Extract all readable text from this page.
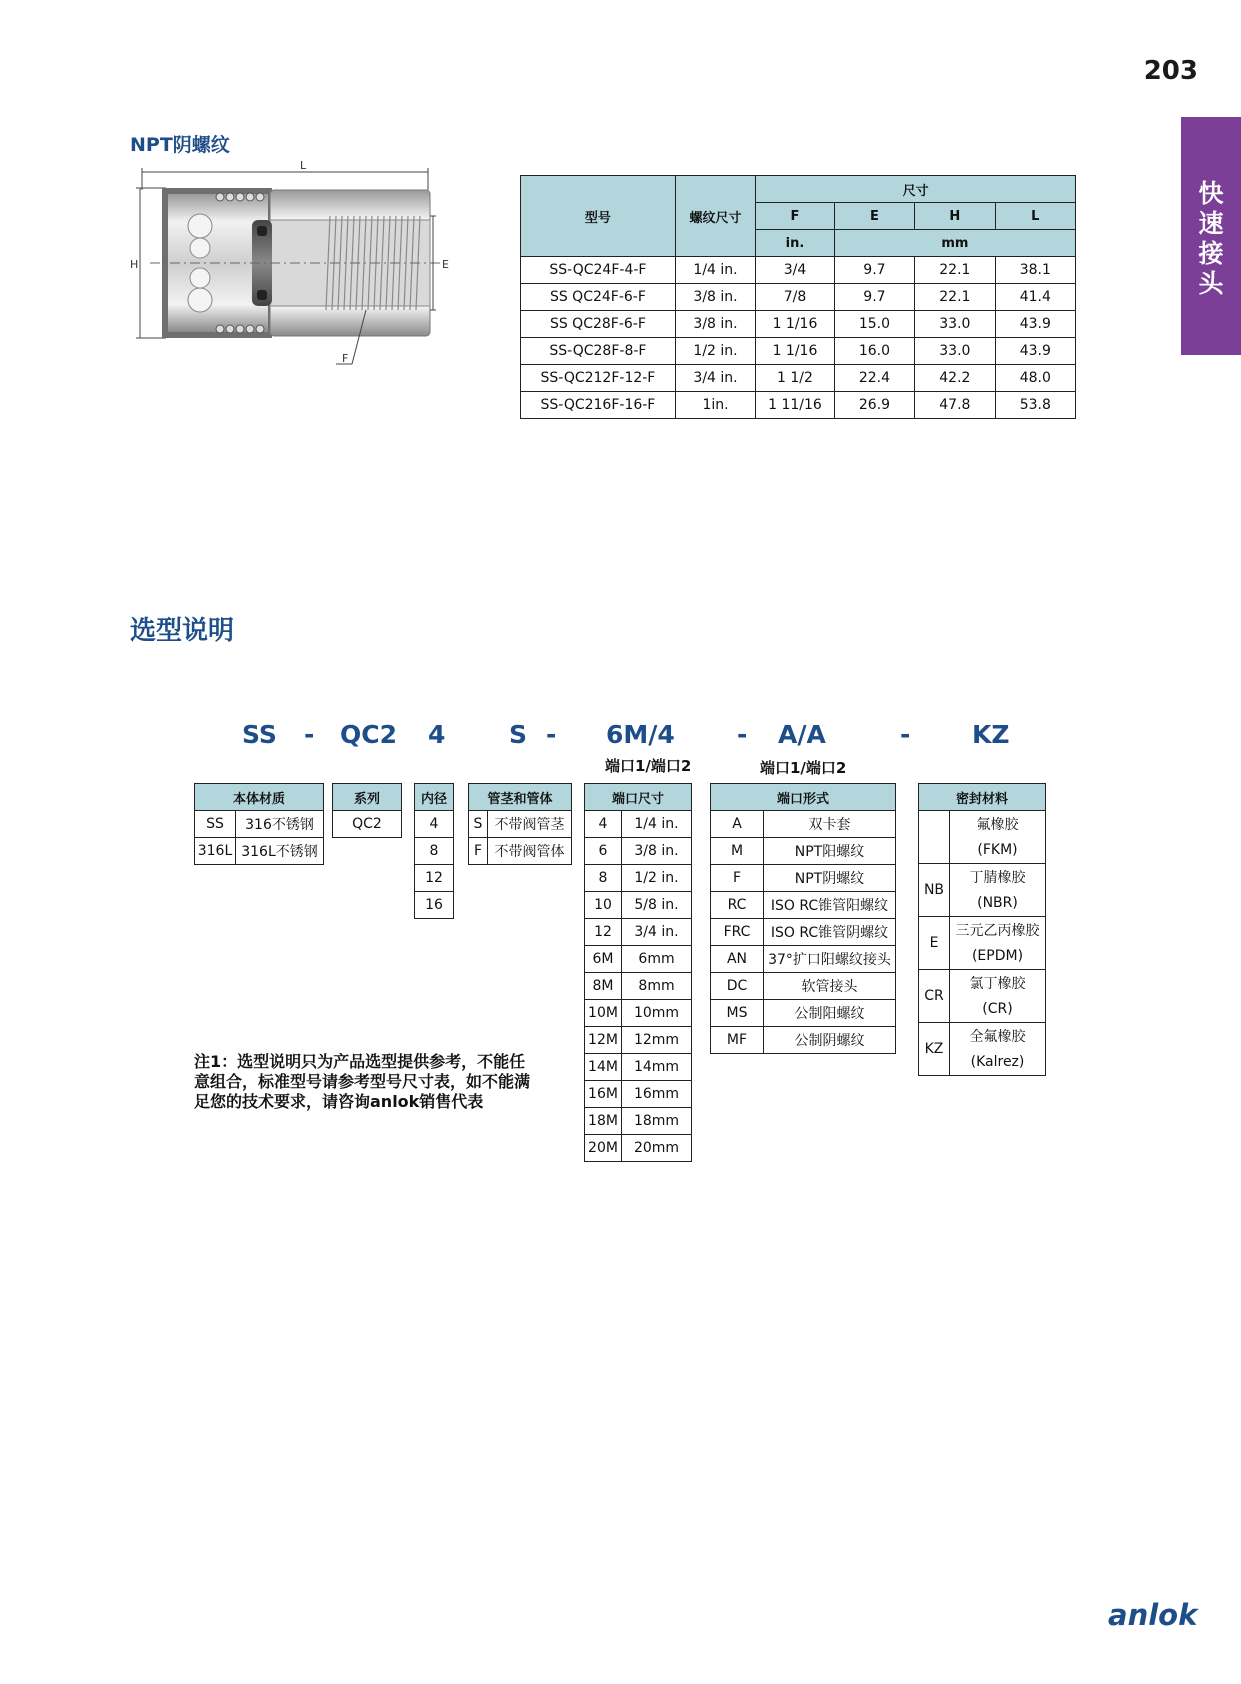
203
快
速
接
头
NPT阴螺纹
L
H	E
F
型号	螺纹尺寸	尺寸			
		F	E	H	L
		in.	mm		
SS-QC24F-4-F	1/4 in.	3/4	9.7	22.1	38.1
SS QC24F-6-F	3/8 in.	7/8	9.7	22.1	41.4
SS QC28F-6-F	3/8 in.	1 1/16	15.0	33.0	43.9
SS-QC28F-8-F	1/2 in.	1 1/16	16.0	33.0	43.9
SS-QC212F-12-F	3/4 in.	1 1/2	22.4	42.2	48.0
SS-QC216F-16-F	1in.	1 11/16	26.9	47.8	53.8
选型说明
SS - QC2 4	S - 6M/4 - A/A	- KZ
端口1/端口2	端口1/端口2
本体材质	
SS	316不锈钢
316L	316L不锈钢
系列
QC2
内径
4
8
12
16
管茎和管体	
S	不带阀管茎
F	不带阀管体
端口尺寸	
4	1/4 in.
6	3/8 in.
8	1/2 in.
10	5/8 in.
12	3/4 in.
6M	6mm
8M	8mm
10M	10mm
12M	12mm
14M	14mm
16M	16mm
18M	18mm
20M	20mm
端口形式	
A	双卡套
M	NPT阳螺纹
F	NPT阴螺纹
RC	ISO RC锥管阳螺纹
FRC	ISO RC锥管阴螺纹
AN	37°扩口阳螺纹接头
DC	软管接头
MS	公制阳螺纹
MF	公制阴螺纹
密封材料	
	氟橡胶
	(FKM)
NB	丁腈橡胶
	(NBR)
E	三元乙丙橡胶
	(EPDM)
CR	氯丁橡胶
	(CR)
KZ	全氟橡胶
	(Kalrez)
注1：选型说明只为产品选型提供参考，不能任意组合，标准型号请参考型号尺寸表，如不能满足您的技术要求，请咨询anlok销售代表
anlok
